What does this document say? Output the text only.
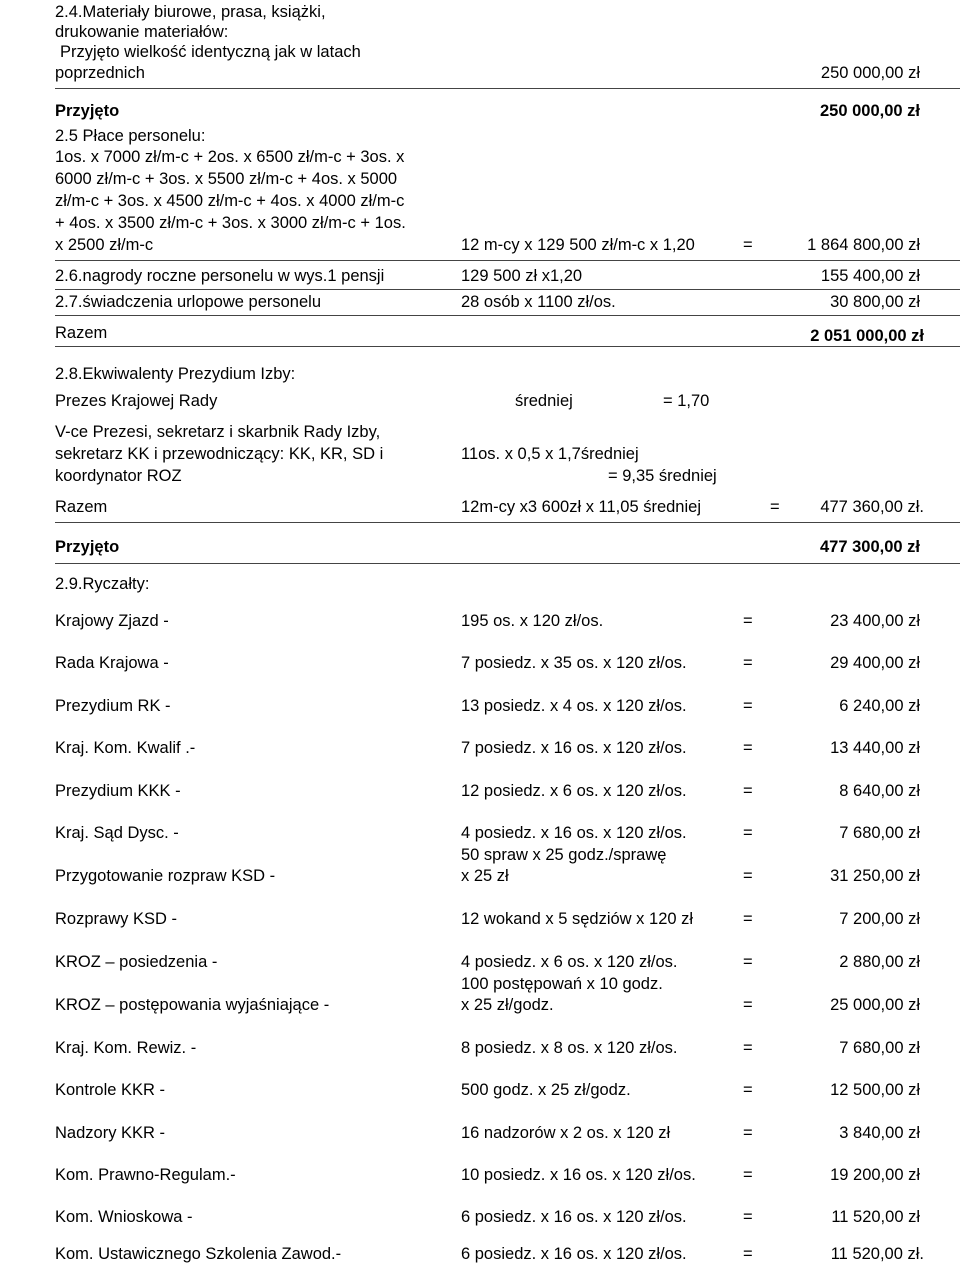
2.4.Materiały biurowe, prasa, książki,
drukowanie materiałów:
Przyjęto wielkość identyczną jak w latach
poprzednich	250 000,00 zł
Przyjęto	250 000,00 zł
2.5 Płace personelu:
1os. x 7000 zł/m-c + 2os. x 6500 zł/m-c + 3os. x
6000 zł/m-c + 3os. x 5500 zł/m-c + 4os. x 5000
zł/m-c + 3os. x 4500 zł/m-c + 4os. x 4000 zł/m-c
+ 4os. x 3500 zł/m-c + 3os. x 3000 zł/m-c + 1os.
x 2500 zł/m-c	12 m-cy x 129 500 zł/m-c x 1,20	=	1 864 800,00 zł
2.6.nagrody roczne personelu w wys.1 pensji	129 500 zł x1,20	155 400,00 zł
2.7.świadczenia urlopowe personelu	28 osób x 1100 zł/os.	30 800,00 zł
Razem	2 051 000,00 zł
2.8.Ekwiwalenty Prezydium Izby:
Prezes Krajowej Rady	średniej	= 1,70
V-ce Prezesi, sekretarz i skarbnik Rady Izby,
sekretarz KK i przewodniczący: KK, KR, SD i	11os. x 0,5 x 1,7średniej
koordynator ROZ	= 9,35 średniej
Razem	12m-cy x3 600zł x 11,05 średniej	= 477 360,00 zł.
Przyjęto	477 300,00 zł
2.9.Ryczałty:
Krajowy Zjazd -	195 os. x 120 zł/os.	=	23 400,00 zł
Rada Krajowa -	7 posiedz. x 35 os. x 120 zł/os.	=	29 400,00 zł
Prezydium RK -	13 posiedz. x 4 os. x 120 zł/os.	=	6 240,00 zł
Kraj. Kom. Kwalif .-	7 posiedz. x 16 os. x 120 zł/os.	=	13 440,00 zł
Prezydium KKK -	12 posiedz. x 6 os. x 120 zł/os.	=	8 640,00 zł
Kraj. Sąd Dysc. -	4 posiedz. x 16 os. x 120 zł/os.	=	7 680,00 zł
Przygotowanie rozpraw KSD -
50 spraw x 25 godz./sprawę
x 25 zł	=	31 250,00 zł
Rozprawy KSD -	12 wokand x 5 sędziów x 120 zł	=	7 200,00 zł
KROZ – posiedzenia -	4 posiedz. x 6 os. x 120 zł/os.	=	2 880,00 zł
KROZ – postępowania wyjaśniające -
100 postępowań x 10 godz.
x 25 zł/godz.	=	25 000,00 zł
Kraj. Kom. Rewiz. -	8 posiedz. x 8 os. x 120 zł/os.	=	7 680,00 zł
Kontrole KKR -	500 godz. x 25 zł/godz.	=	12 500,00 zł
Nadzory KKR -	16 nadzorów x 2 os. x 120 zł	=	3 840,00 zł
Kom. Prawno-Regulam.-	10 posiedz. x 16 os. x 120 zł/os.	=	19 200,00 zł
Kom. Wnioskowa -	6 posiedz. x 16 os. x 120 zł/os.	=	11 520,00 zł
Kom. Ustawicznego Szkolenia Zawod.-	6 posiedz. x 16 os. x 120 zł/os.	=	11 520,00 zł.
